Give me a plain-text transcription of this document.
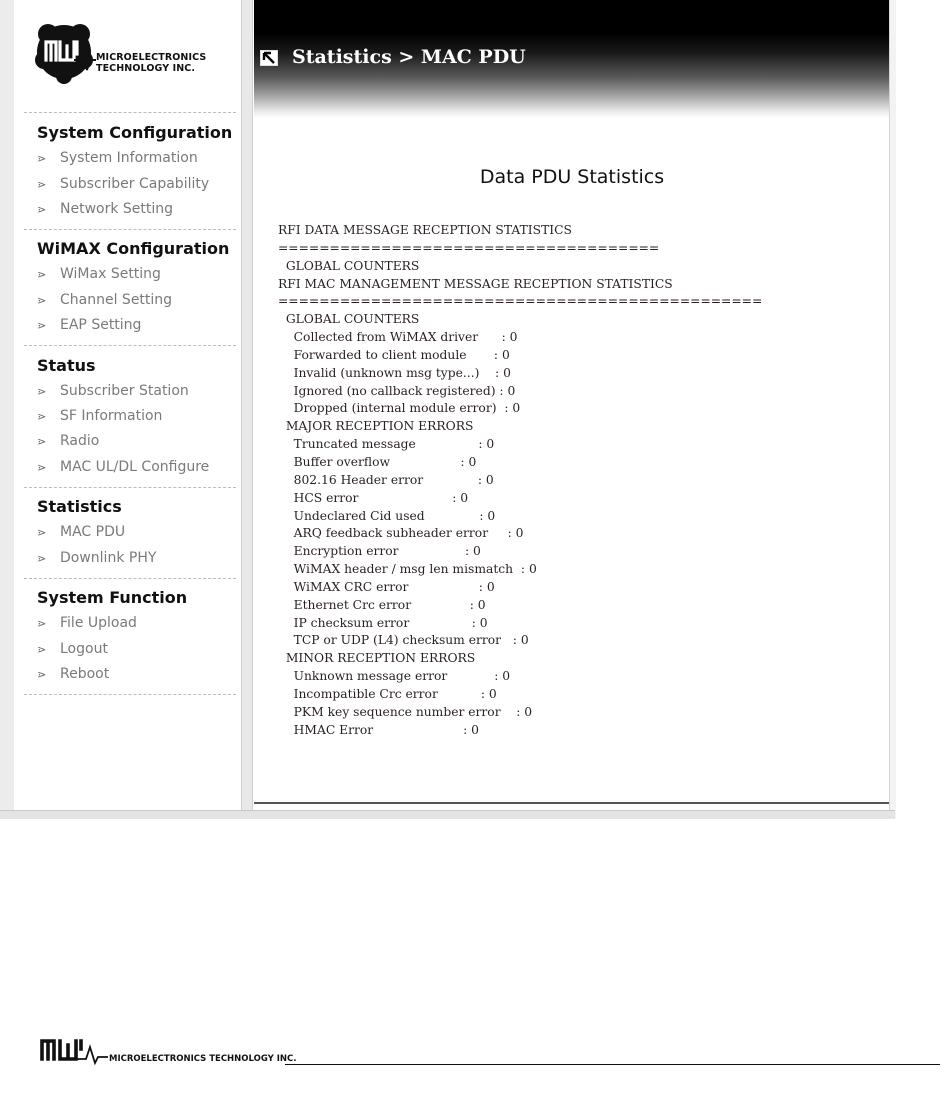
MICROELECTRONICS
TECHNOLOGY INC.
System Configuration
⋗ System Information
⋗ Subscriber Capability
⋗ Network Setting
WiMAX Configuration
⋗ WiMax Setting
⋗ Channel Setting
⋗ EAP Setting
Status
⋗ Subscriber Station
⋗ SF Information
⋗ Radio
⋗ MAC UL/DL Configure
Statistics
⋗ MAC PDU
⋗ Downlink PHY
System Function
⋗ File Upload
⋗ Logout
⋗ Reboot
Statistics > MAC PDU
Data PDU Statistics
RFI DATA MESSAGE RECEPTION STATISTICS
=====================================
GLOBAL COUNTERS
RFI MAC MANAGEMENT MESSAGE RECEPTION STATISTICS
===============================================
GLOBAL COUNTERS
Collected from WiMAX driver      : 0
Forwarded to client module       : 0
Invalid (unknown msg type...)    : 0
Ignored (no callback registered) : 0
Dropped (internal module error)  : 0
MAJOR RECEPTION ERRORS
Truncated message                : 0
Buffer overflow                  : 0
802.16 Header error              : 0
HCS error                        : 0
Undeclared Cid used              : 0
ARQ feedback subheader error     : 0
Encryption error                 : 0
WiMAX header / msg len mismatch  : 0
WiMAX CRC error                  : 0
Ethernet Crc error               : 0
IP checksum error                : 0
TCP or UDP (L4) checksum error   : 0
MINOR RECEPTION ERRORS
Unknown message error            : 0
Incompatible Crc error           : 0
PKM key sequence number error    : 0
HMAC Error                       : 0
MICROELECTRONICS TECHNOLOGY INC.
